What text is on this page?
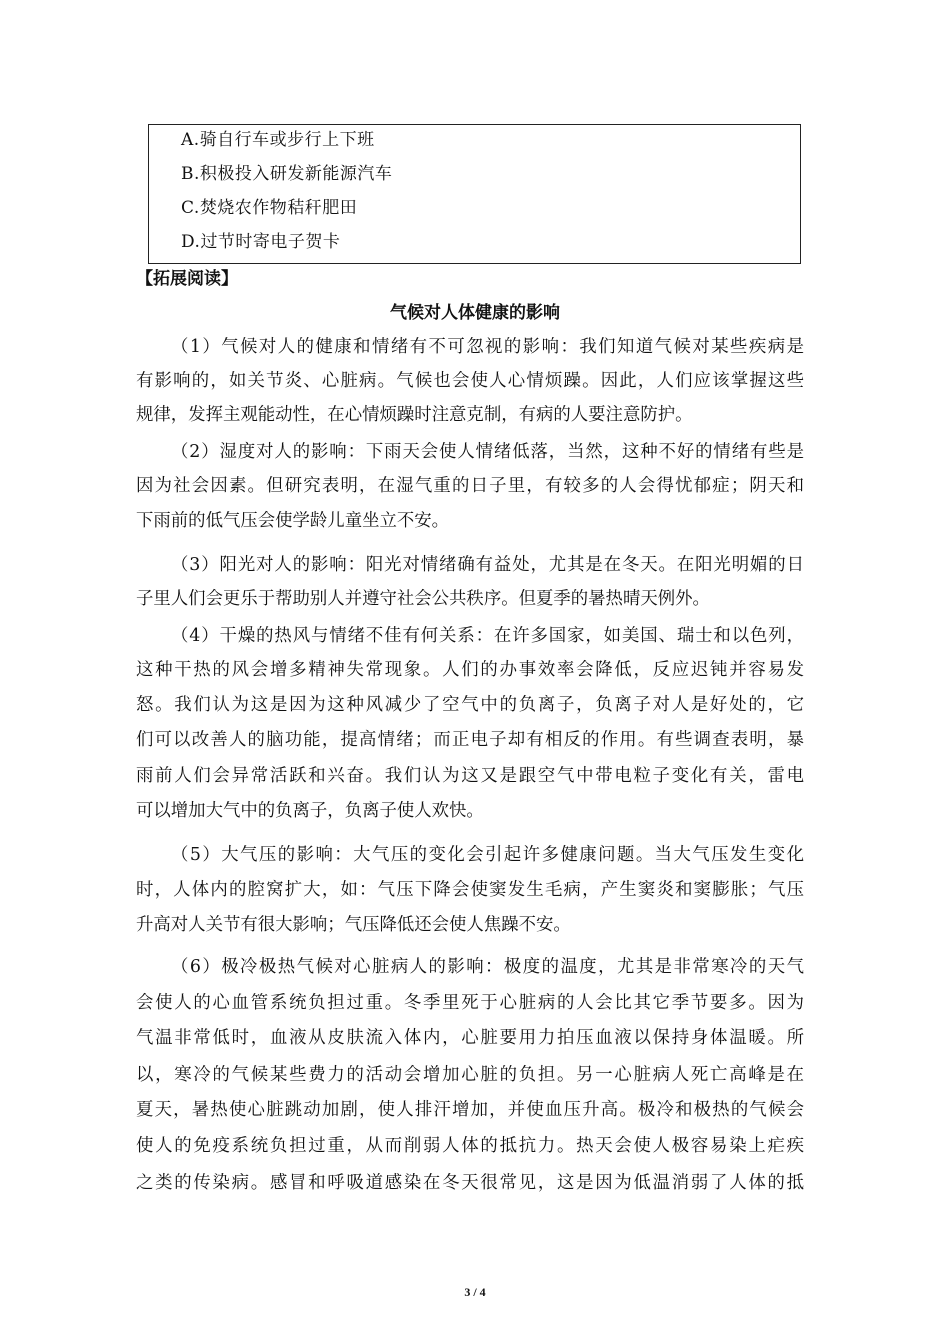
A.骑自行车或步行上下班
B.积极投入研发新能源汽车
C.焚烧农作物秸秆肥田
D.过节时寄电子贺卡
【拓展阅读】
气候对人体健康的影响
（1）气候对人的健康和情绪有不可忽视的影响：我们知道气候对某些疾病是
有影响的，如关节炎、心脏病。气候也会使人心情烦躁。因此，人们应该掌握这些
规律，发挥主观能动性，在心情烦躁时注意克制，有病的人要注意防护。
（2）湿度对人的影响：下雨天会使人情绪低落，当然，这种不好的情绪有些是
因为社会因素。但研究表明，在湿气重的日子里，有较多的人会得忧郁症；阴天和
下雨前的低气压会使学龄儿童坐立不安。
（3）阳光对人的影响：阳光对情绪确有益处，尤其是在冬天。在阳光明媚的日
子里人们会更乐于帮助别人并遵守社会公共秩序。但夏季的暑热晴天例外。
（4）干燥的热风与情绪不佳有何关系：在许多国家，如美国、瑞士和以色列，
这种干热的风会增多精神失常现象。人们的办事效率会降低，反应迟钝并容易发
怒。我们认为这是因为这种风减少了空气中的负离子，负离子对人是好处的，它
们可以改善人的脑功能，提高情绪；而正电子却有相反的作用。有些调查表明，暴
雨前人们会异常活跃和兴奋。我们认为这又是跟空气中带电粒子变化有关，雷电
可以增加大气中的负离子，负离子使人欢快。
（5）大气压的影响：大气压的变化会引起许多健康问题。当大气压发生变化
时，人体内的腔窝扩大，如：气压下降会使窦发生毛病，产生窦炎和窦膨胀；气压
升高对人关节有很大影响；气压降低还会使人焦躁不安。
（6）极冷极热气候对心脏病人的影响：极度的温度，尤其是非常寒冷的天气
会使人的心血管系统负担过重。冬季里死于心脏病的人会比其它季节要多。因为
气温非常低时，血液从皮肤流入体内，心脏要用力拍压血液以保持身体温暖。所
以，寒冷的气候某些费力的活动会增加心脏的负担。另一心脏病人死亡高峰是在
夏天，暑热使心脏跳动加剧，使人排汗增加，并使血压升高。极冷和极热的气候会
使人的免疫系统负担过重，从而削弱人体的抵抗力。热天会使人极容易染上疟疾
之类的传染病。感冒和呼吸道感染在冬天很常见，这是因为低温消弱了人体的抵
3 / 4
